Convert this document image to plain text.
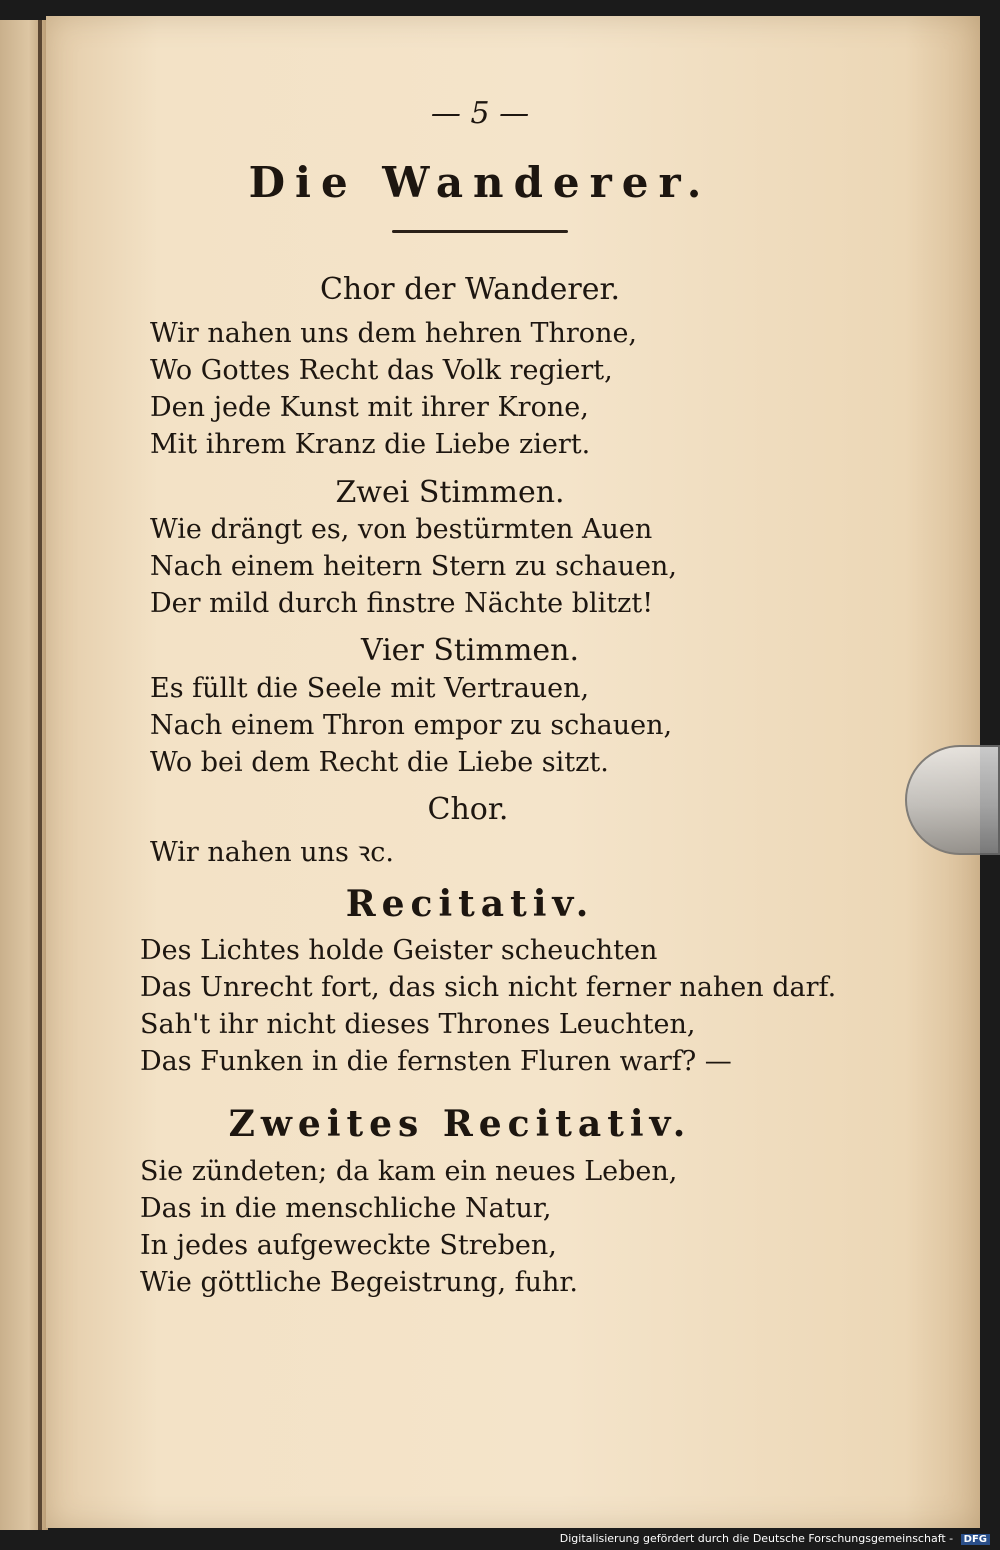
— 5 —
Die Wanderer.
Chor der Wanderer.
Wir nahen uns dem hehren Throne,
Wo Gottes Recht das Volk regiert,
Den jede Kunst mit ihrer Krone,
Mit ihrem Kranz die Liebe ziert.
Zwei Stimmen.
Wie drängt es, von bestürmten Auen
Nach einem heitern Stern zu schauen,
Der mild durch finstre Nächte blitzt!
Vier Stimmen.
Es füllt die Seele mit Vertrauen,
Nach einem Thron empor zu schauen,
Wo bei dem Recht die Liebe sitzt.
Chor.
Wir nahen uns ꝛc.
Recitativ.
Des Lichtes holde Geister scheuchten
Das Unrecht fort, das sich nicht ferner nahen darf.
Sah't ihr nicht dieses Thrones Leuchten,
Das Funken in die fernsten Fluren warf? —
Zweites Recitativ.
Sie zündeten; da kam ein neues Leben,
Das in die menschliche Natur,
In jedes aufgeweckte Streben,
Wie göttliche Begeistrung, fuhr.
Digitalisierung gefördert durch die Deutsche Forschungsgemeinschaft - DFG
